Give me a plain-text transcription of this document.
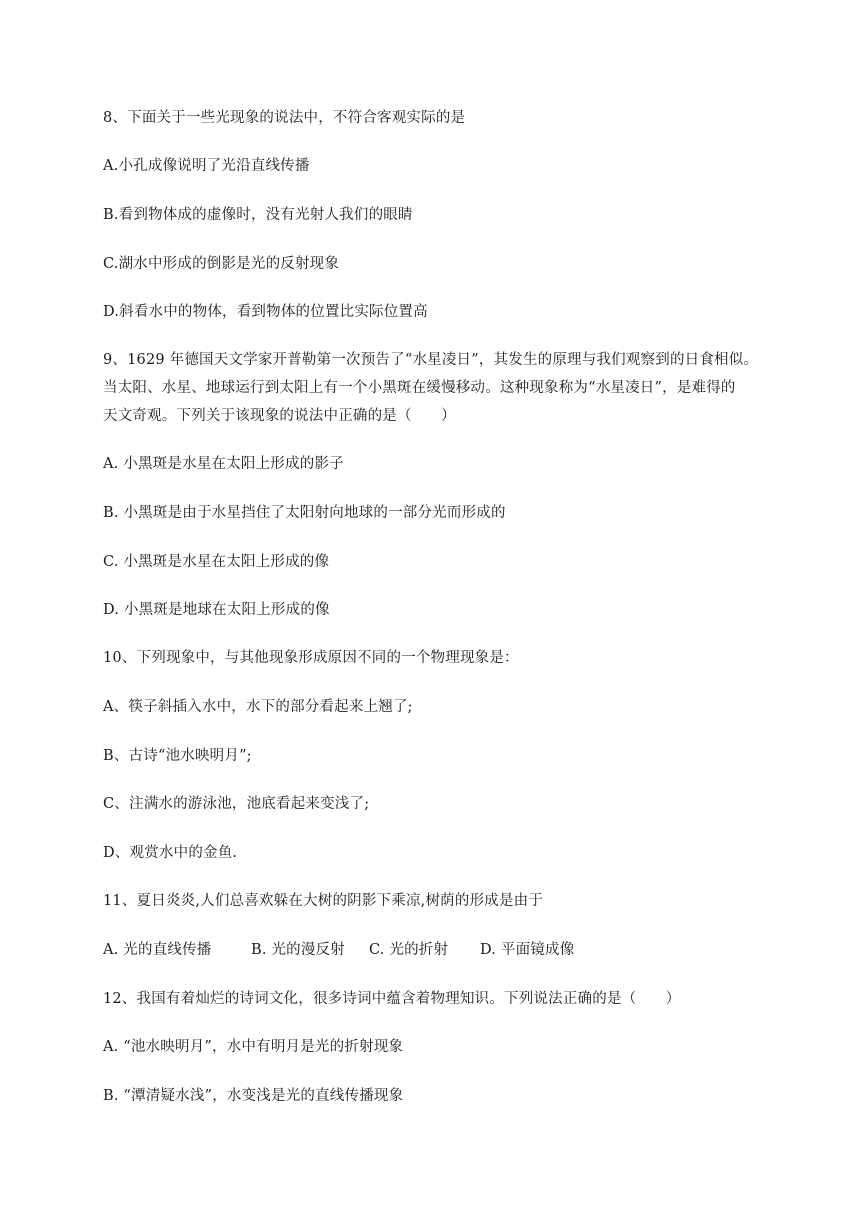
8、下面关于一些光现象的说法中，不符合客观实际的是
A.小孔成像说明了光沿直线传播
B.看到物体成的虚像时，没有光射人我们的眼睛
C.湖水中形成的倒影是光的反射现象
D.斜看水中的物体，看到物体的位置比实际位置高
9、1629 年德国天文学家开普勒第一次预告了“水星凌日”，其发生的原理与我们观察到的日食相似。
当太阳、水星、地球运行到太阳上有一个小黑斑在缓慢移动。这种现象称为“水星凌日”，是难得的
天文奇观。下列关于该现象的说法中正确的是（　　）
A. 小黑斑是水星在太阳上形成的影子
B. 小黑斑是由于水星挡住了太阳射向地球的一部分光而形成的
C. 小黑斑是水星在太阳上形成的像
D. 小黑斑是地球在太阳上形成的像
10、下列现象中，与其他现象形成原因不同的一个物理现象是：
A、筷子斜插入水中，水下的部分看起来上翘了;
B、古诗“池水映明月”;
C、注满水的游泳池，池底看起来变浅了;
D、观赏水中的金鱼.
11、夏日炎炎,人们总喜欢躲在大树的阴影下乘凉,树荫的形成是由于
A. 光的直线传播	B. 光的漫反射 C. 光的折射 D. 平面镜成像
12、我国有着灿烂的诗词文化，很多诗词中蕴含着物理知识。下列说法正确的是（　　）
A. “池水映明月”，水中有明月是光的折射现象
B. “潭清疑水浅”，水变浅是光的直线传播现象
